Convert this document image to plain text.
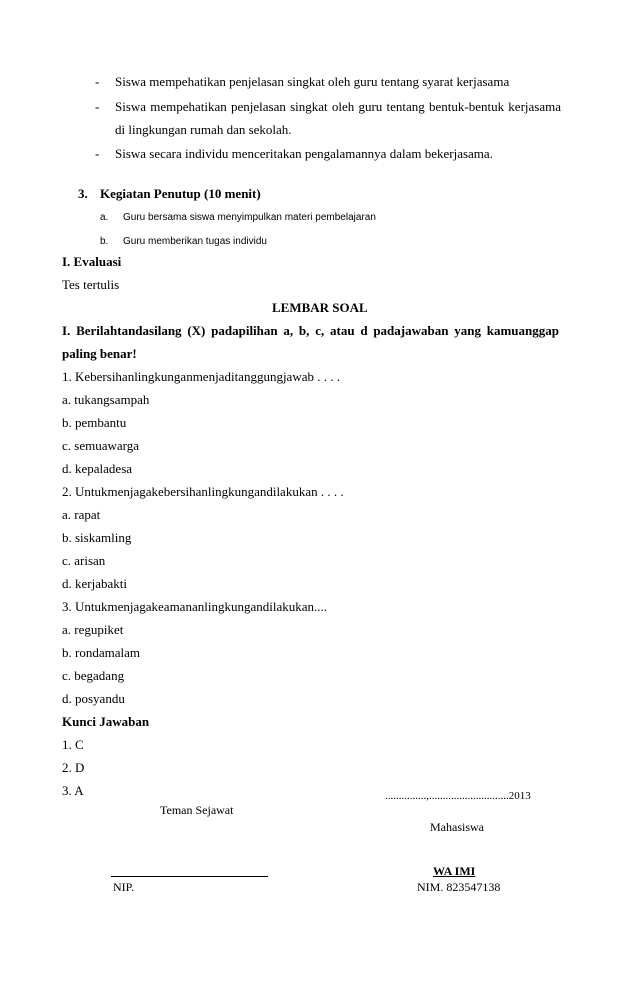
- Siswa mempehatikan penjelasan singkat oleh guru tentang syarat kerjasama
- Siswa mempehatikan penjelasan singkat oleh guru tentang bentuk-bentuk kerjasama
di lingkungan rumah dan sekolah.
- Siswa secara individu menceritakan pengalamannya dalam bekerjasama.
3. Kegiatan Penutup (10 menit)
a. Guru bersama siswa menyimpulkan materi pembelajaran
b. Guru memberikan tugas individu
I. Evaluasi
Tes tertulis
LEMBAR SOAL
I. Berilahtandasilang (X) padapilihan a, b, c, atau d padajawaban yang kamuanggap
paling benar!
1. Kebersihanlingkunganmenjaditanggungjawab . . . .
a. tukangsampah
b. pembantu
c. semuawarga
d. kepaladesa
2. Untukmenjagakebersihanlingkungandilakukan . . . .
a. rapat
b. siskamling
c. arisan
d. kerjabakti
3. Untukmenjagakeamananlingkungandilakukan....
a. regupiket
b. rondamalam
c. begadang
d. posyandu
Kunci Jawaban
1. C
2. D
3. A	...............,.............................2013
Teman Sejawat
Mahasiswa
WA IMI
NIP.	NIM. 823547138
